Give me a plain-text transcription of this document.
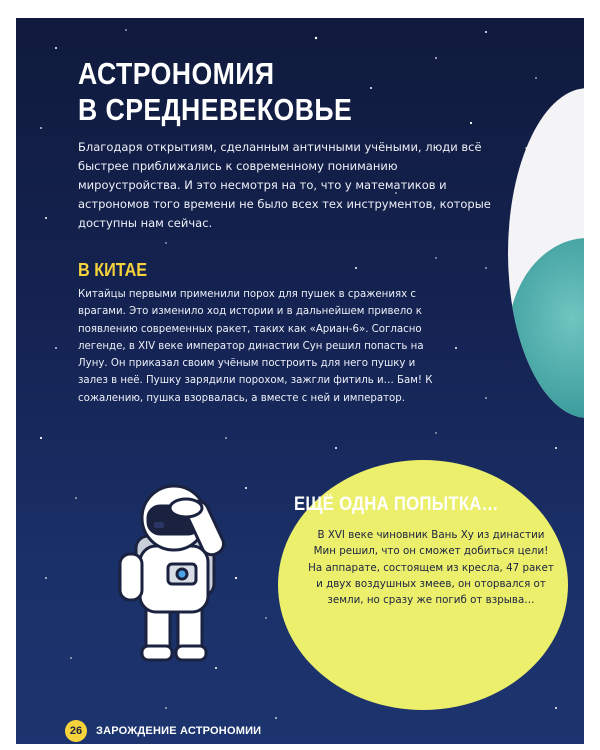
АСТРОНОМИЯ
В СРЕДНЕВЕКОВЬЕ

Благодаря открытиям, сделанным античными учёными, люди всё быстрее приближались к современному пониманию мироустройства. И это несмотря на то, что у математиков и астрономов того времени не было всех тех инструментов, которые доступны нам сейчас.

В КИТАЕ

Китайцы первыми применили порох для пушек в сражениях с врагами. Это изменило ход истории и в дальнейшем привело к появлению современных ракет, таких как «Ариан-6». Согласно легенде, в XIV веке император династии Сун решил попасть на Луну. Он приказал своим учёным построить для него пушку и залез в неё. Пушку зарядили порохом, зажгли фитиль и… Бам! К сожалению, пушка взорвалась, а вместе с ней и император.

ЕЩЁ ОДНА ПОПЫТКА…

В XVI веке чиновник Вань Ху из династии Мин решил, что он сможет добиться цели! На аппарате, состоящем из кресла, 47 ракет и двух воздушных змеев, он оторвался от земли, но сразу же погиб от взрыва…

26	ЗАРОЖДЕНИЕ АСТРОНОМИИ
